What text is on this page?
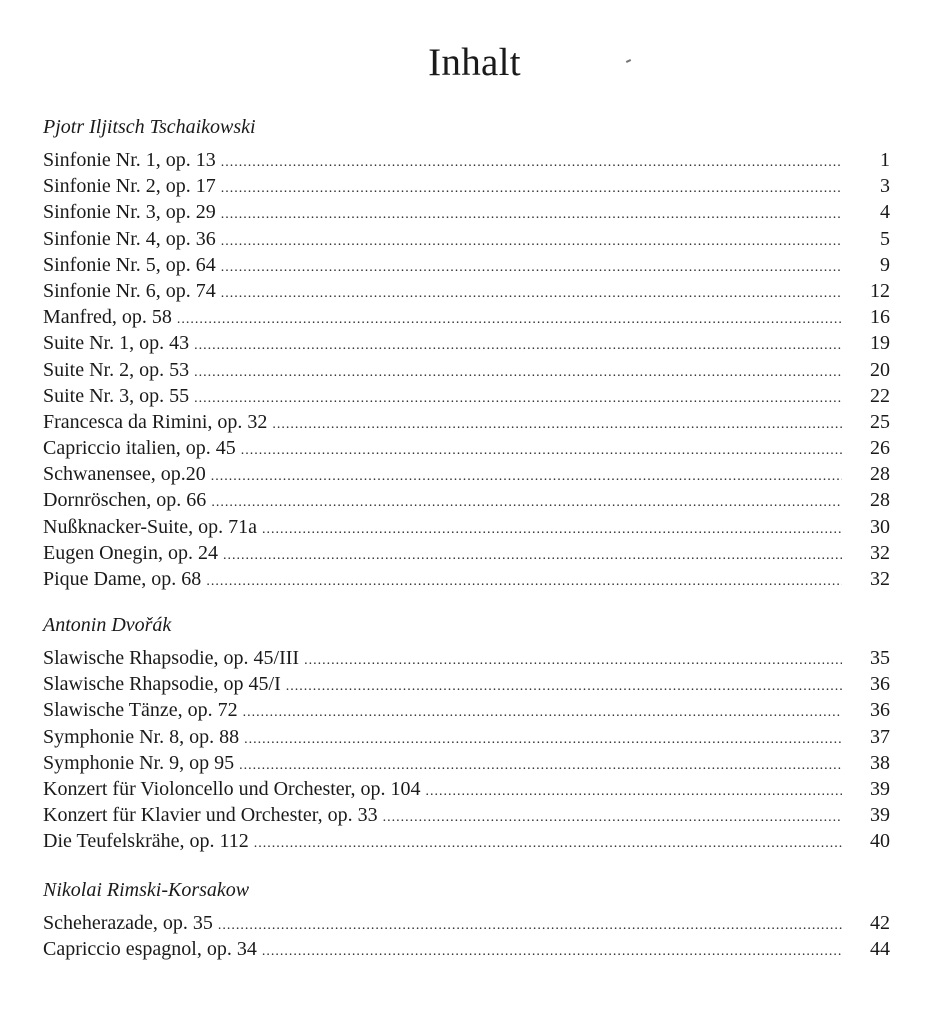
Inhalt
Pjotr Iljitsch Tschaikowski
Sinfonie Nr. 1, op. 13 .....	1
Sinfonie Nr. 2, op. 17 .....	3
Sinfonie Nr. 3, op. 29 .....	4
Sinfonie Nr. 4, op. 36 .....	5
Sinfonie Nr. 5, op. 64 .....	9
Sinfonie Nr. 6, op. 74 .....	12
Manfred, op. 58 .....	16
Suite Nr. 1, op. 43 .....	19
Suite Nr. 2, op. 53 .....	20
Suite Nr. 3, op. 55 .....	22
Francesca da Rimini, op. 32 .....	25
Capriccio italien, op. 45 .....	26
Schwanensee, op.20 .....	28
Dornröschen, op. 66 .....	28
Nußknacker-Suite, op. 71a .....	30
Eugen Onegin, op. 24 .....	32
Pique Dame, op. 68 .....	32
Antonin Dvořák
Slawische Rhapsodie, op. 45/III .....	35
Slawische Rhapsodie, op 45/I .....	36
Slawische Tänze, op. 72 .....	36
Symphonie Nr. 8, op. 88 .....	37
Symphonie Nr. 9, op 95 .....	38
Konzert für Violoncello und Orchester, op. 104 .....	39
Konzert für Klavier und Orchester, op. 33 .....	39
Die Teufelskrähe, op. 112 .....	40
Nikolai Rimski-Korsakow
Scheherazade, op. 35 .....	42
Capriccio espagnol, op. 34 .....	44
